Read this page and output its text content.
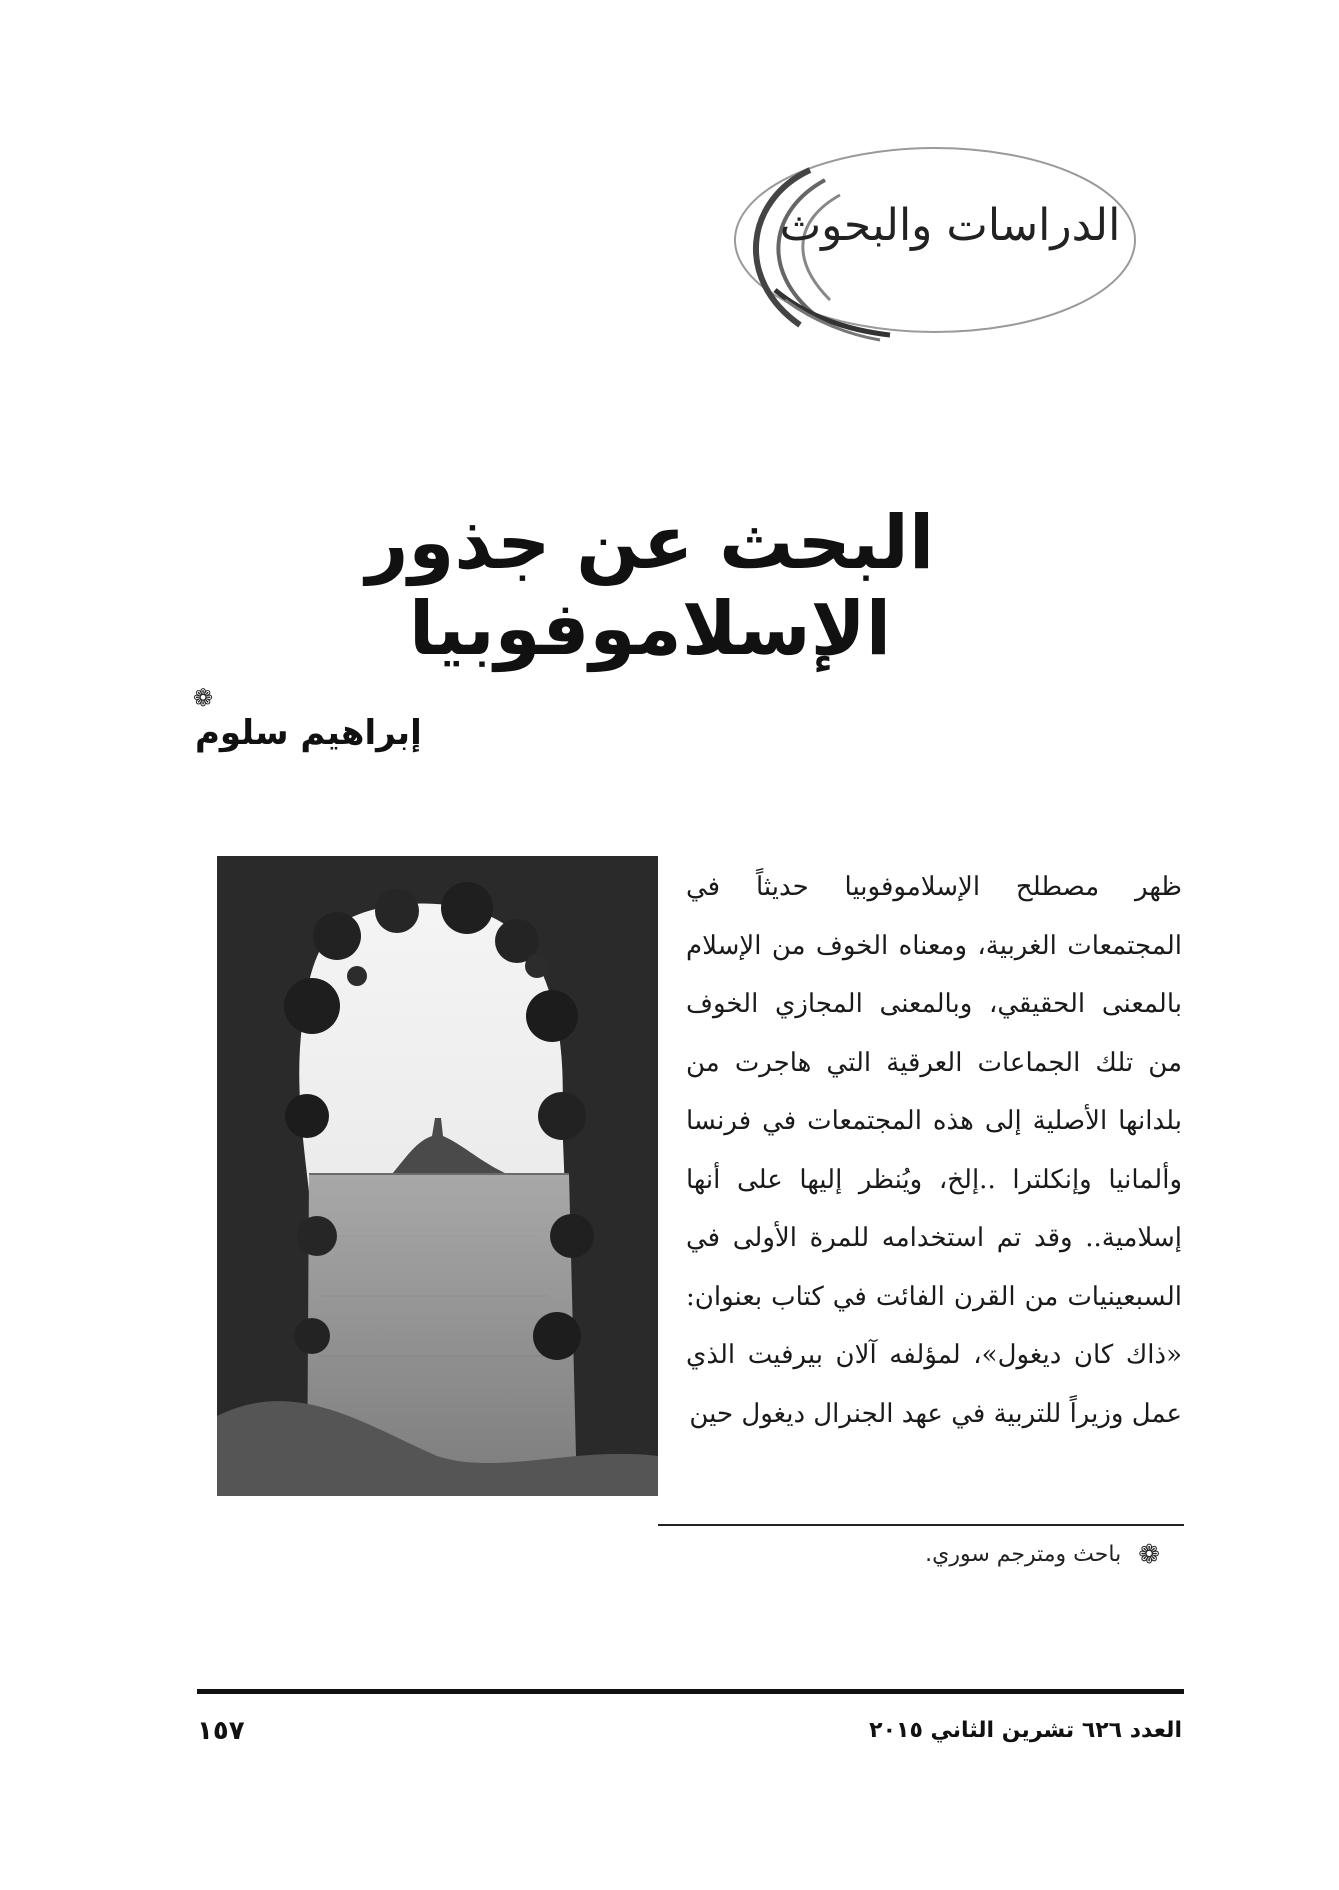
الدراسات والبحوث
البحث عن جذور الإسلاموفوبيا
❁
إبراهيم سلوم

ظهر مصطلح الإسلاموفوبيا حديثاً في المجتمعات الغربية، ومعناه الخوف من الإسلام بالمعنى الحقيقي، وبالمعنى المجازي الخوف من تلك الجماعات العرقية التي هاجرت من بلدانها الأصلية إلى هذه المجتمعات في فرنسا وألمانيا وإنكلترا ..إلخ، ويُنظر إليها على أنها إسلامية.. وقد تم استخدامه للمرة الأولى في السبعينيات من القرن الفائت في كتاب بعنوان: «ذاك كان ديغول»، لمؤلفه آلان بيرفيت الذي عمل وزيراً للتربية في عهد الجنرال ديغول حين

❁ باحث ومترجم سوري.
١٥٧	العدد ٦٢٦ تشرين الثاني ٢٠١٥
